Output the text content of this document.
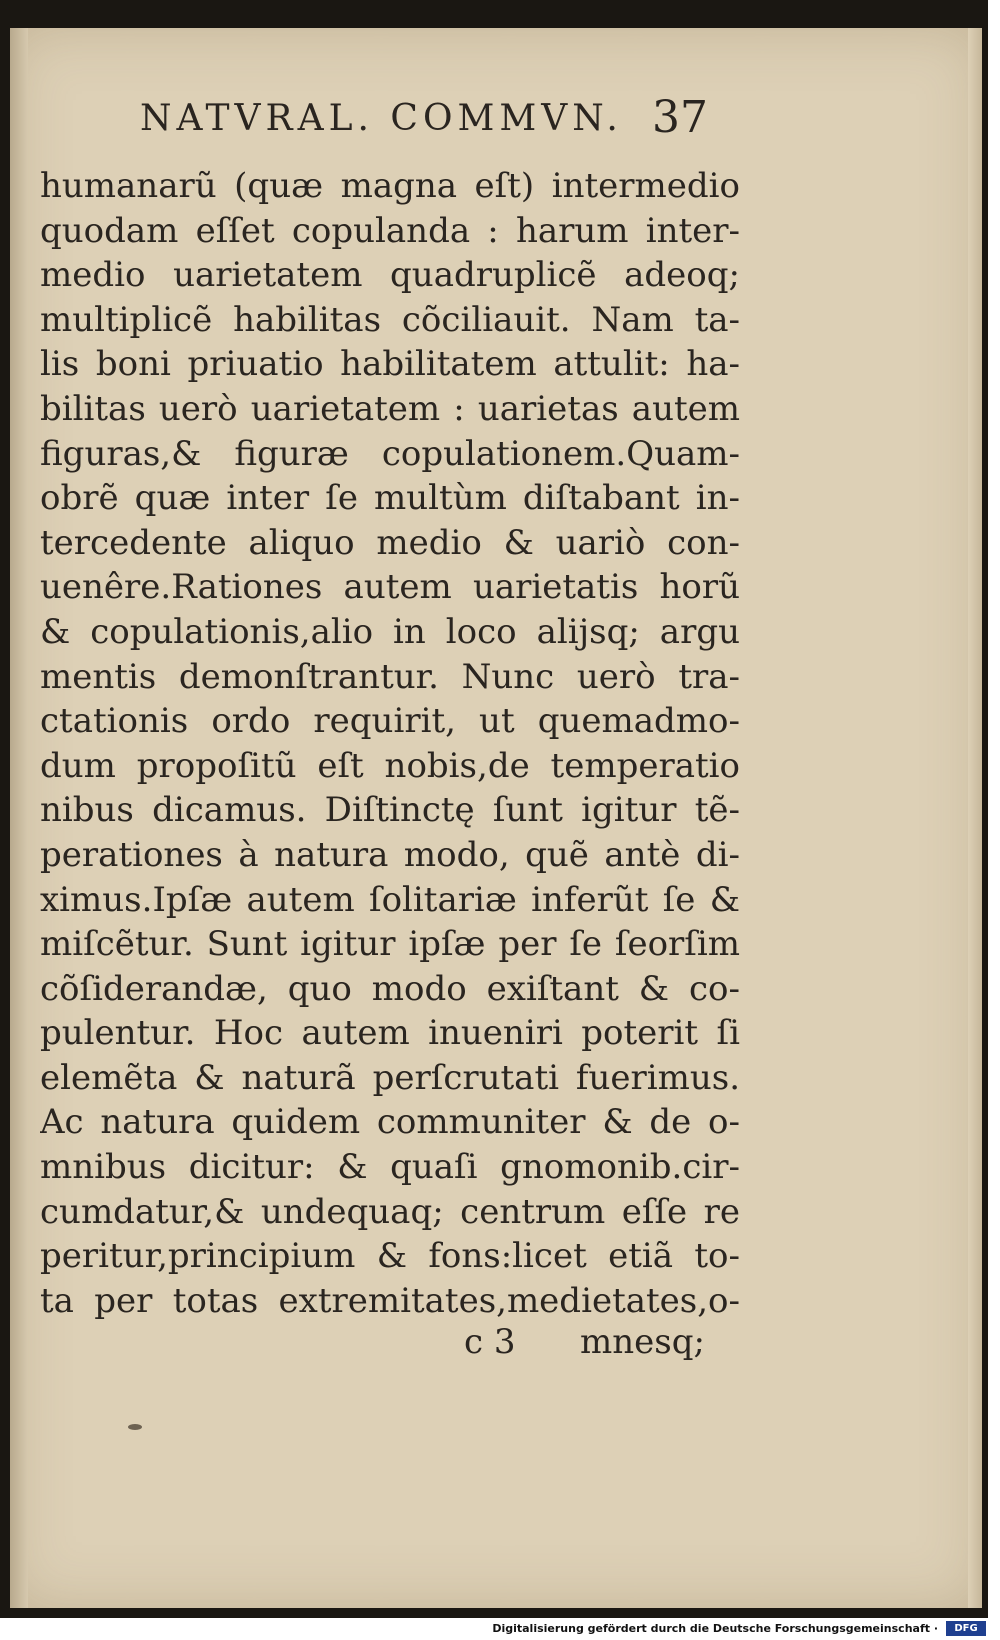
NATVRAL. COMMVN. 37
humanarũ (quæ magna eſt) intermedio
quodam eſſet copulanda : harum inter-
medio uarietatem quadruplicẽ adeoq;
multiplicẽ habilitas cõciliauit. Nam ta-
lis boni priuatio habilitatem attulit: ha-
bilitas uerò uarietatem : uarietas autem
figuras,& figuræ copulationem.Quam-
obrẽ quæ inter ſe multùm diſtabant in-
tercedente aliquo medio & uariò con-
uenêre.Rationes autem uarietatis horũ
& copulationis,alio in loco alijsq; argu
mentis demonſtrantur. Nunc uerò tra-
ctationis ordo requirit, ut quemadmo-
dum propoſitũ eſt nobis,de temperatio
nibus dicamus. Diſtinctę ſunt igitur tẽ-
perationes à natura modo, quẽ antè di-
ximus.Ipſæ autem ſolitariæ inferũt ſe &
miſcẽtur. Sunt igitur ipſæ per ſe ſeorſim
cõſiderandæ, quo modo exiſtant & co-
pulentur. Hoc autem inueniri poterit ſi
elemẽta & naturã perſcrutati fuerimus.
Ac natura quidem communiter & de o-
mnibus dicitur: & quaſi gnomonib.cir-
cumdatur,& undequaq; centrum eſſe re
peritur,principium & fons:licet etiã to-
ta per totas extremitates,medietates,o-
c 3 mnesq;
Digitalisierung gefördert durch die Deutsche Forschungsgemeinschaft ·	DFG
